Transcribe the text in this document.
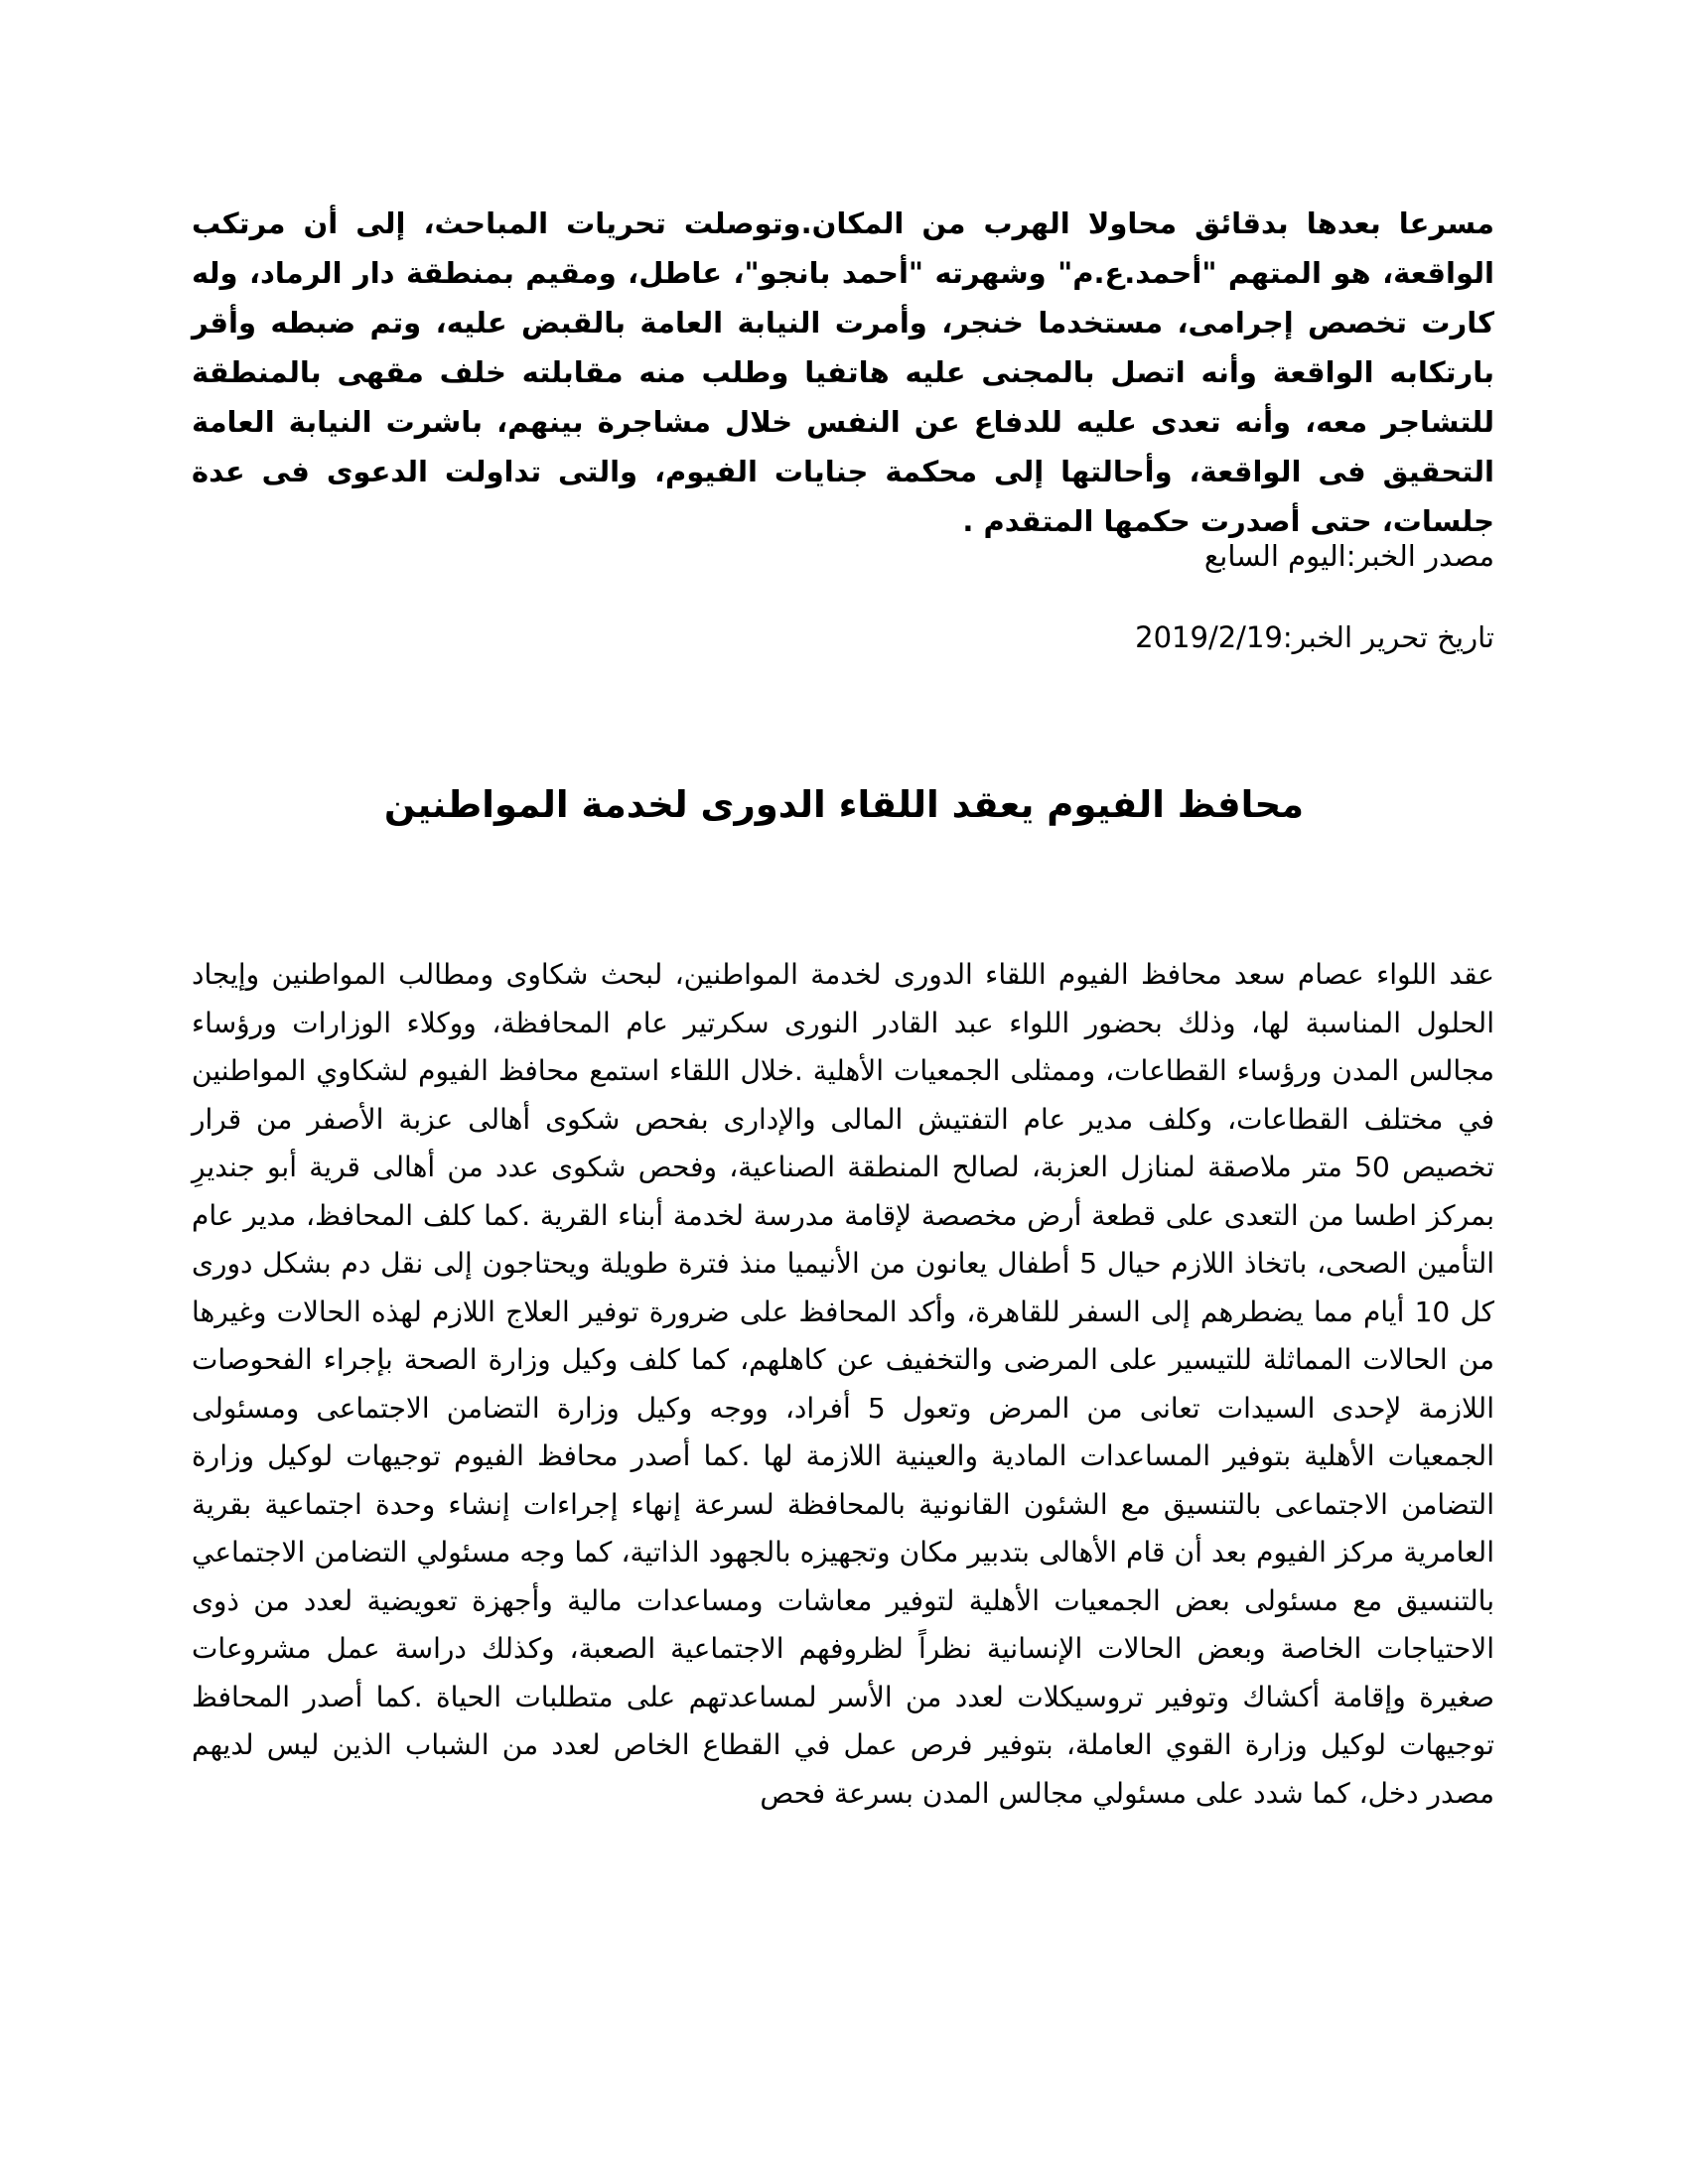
مسرعا بعدها بدقائق محاولا الهرب من المكان.وتوصلت تحريات المباحث، إلى أن مرتكب الواقعة، هو المتهم "أحمد.ع.م" وشهرته "أحمد بانجو"، عاطل، ومقيم بمنطقة دار الرماد، وله كارت تخصص إجرامى، مستخدما خنجر، وأمرت النيابة العامة بالقبض عليه، وتم ضبطه وأقر بارتكابه الواقعة وأنه اتصل بالمجنى عليه هاتفيا وطلب منه مقابلته خلف مقهى بالمنطقة للتشاجر معه، وأنه تعدى عليه للدفاع عن النفس خلال مشاجرة بينهم، باشرت النيابة العامة التحقيق فى الواقعة، وأحالتها إلى محكمة جنايات الفيوم، والتى تداولت الدعوى فى عدة جلسات، حتى أصدرت حكمها المتقدم .

مصدر الخبر:اليوم السابع

تاريخ تحرير الخبر:2019/2/19

محافظ الفيوم يعقد اللقاء الدورى لخدمة المواطنين

عقد اللواء عصام سعد محافظ الفيوم اللقاء الدورى لخدمة المواطنين، لبحث شكاوى ومطالب المواطنين وإيجاد الحلول المناسبة لها، وذلك بحضور اللواء عبد القادر النورى سكرتير عام المحافظة، ووكلاء الوزارات ورؤساء مجالس المدن ورؤساء القطاعات، وممثلى الجمعيات الأهلية .خلال اللقاء استمع محافظ الفيوم لشكاوي المواطنين في مختلف القطاعات، وكلف مدير عام التفتيش المالى والإدارى بفحص شكوى أهالى عزبة الأصفر من قرار تخصيص 50 متر ملاصقة لمنازل العزبة، لصالح المنطقة الصناعية، وفحص شكوى عدد من أهالى قرية أبو جنديرِ بمركز اطسا من التعدى على قطعة أرض مخصصة لإقامة مدرسة لخدمة أبناء القرية .كما كلف المحافظ، مدير عام التأمين الصحى، باتخاذ اللازم حيال 5 أطفال يعانون من الأنيميا منذ فترة طويلة ويحتاجون إلى نقل دم بشكل دورى كل 10 أيام مما يضطرهم إلى السفر للقاهرة، وأكد المحافظ على ضرورة توفير العلاج اللازم لهذه الحالات وغيرها من الحالات المماثلة للتيسير على المرضى والتخفيف عن كاهلهم، كما كلف وكيل وزارة الصحة بإجراء الفحوصات اللازمة لإحدى السيدات تعانى من المرض وتعول 5 أفراد، ووجه وكيل وزارة التضامن الاجتماعى ومسئولى الجمعيات الأهلية بتوفير المساعدات المادية والعينية اللازمة لها .كما أصدر محافظ الفيوم توجيهات لوكيل وزارة التضامن الاجتماعى بالتنسيق مع الشئون القانونية بالمحافظة لسرعة إنهاء إجراءات إنشاء وحدة اجتماعية بقرية العامرية مركز الفيوم بعد أن قام الأهالى بتدبير مكان وتجهيزه بالجهود الذاتية، كما وجه مسئولي التضامن الاجتماعي بالتنسيق مع مسئولى بعض الجمعيات الأهلية لتوفير معاشات ومساعدات مالية وأجهزة تعويضية لعدد من ذوى الاحتياجات الخاصة وبعض الحالات الإنسانية نظراً لظروفهم الاجتماعية الصعبة، وكذلك دراسة عمل مشروعات صغيرة وإقامة أكشاك وتوفير تروسيكلات لعدد من الأسر لمساعدتهم على متطلبات الحياة .كما أصدر المحافظ توجيهات لوكيل وزارة القوي العاملة، بتوفير فرص عمل في القطاع الخاص لعدد من الشباب الذين ليس لديهم مصدر دخل، كما شدد على مسئولي مجالس المدن بسرعة فحص
